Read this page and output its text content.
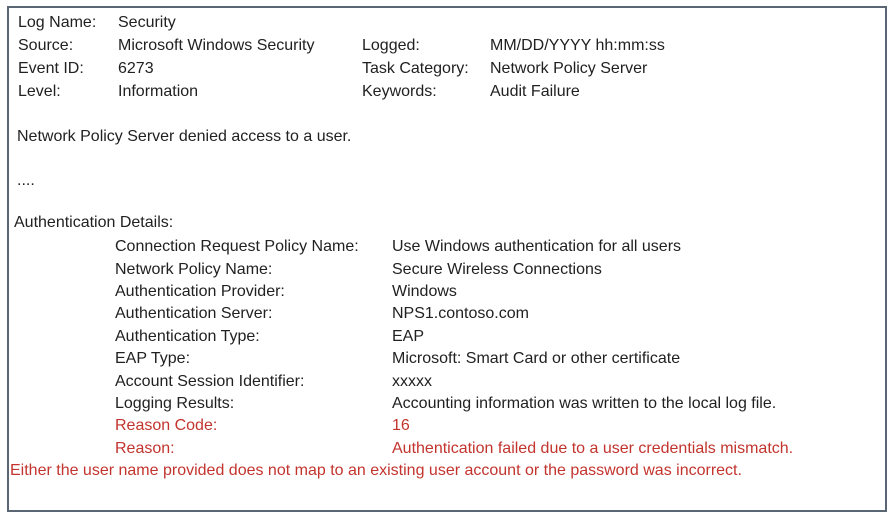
Log Name:	Security
Source:	Microsoft Windows Security	Logged:	MM/DD/YYYY hh:mm:ss
Event ID:	6273	Task Category:	Network Policy Server
Level:	Information	Keywords:	Audit Failure
Network Policy Server denied access to a user.
....
Authentication Details:
Connection Request Policy Name:	Use Windows authentication for all users
Network Policy Name:	Secure Wireless Connections
Authentication Provider:	Windows
Authentication Server:	NPS1.contoso.com
Authentication Type:	EAP
EAP Type:	Microsoft: Smart Card or other certificate
Account Session Identifier:	xxxxx
Logging Results:	Accounting information was written to the local log file.
Reason Code:	16
Reason:	Authentication failed due to a user credentials mismatch.
Either the user name provided does not map to an existing user account or the password was incorrect.
